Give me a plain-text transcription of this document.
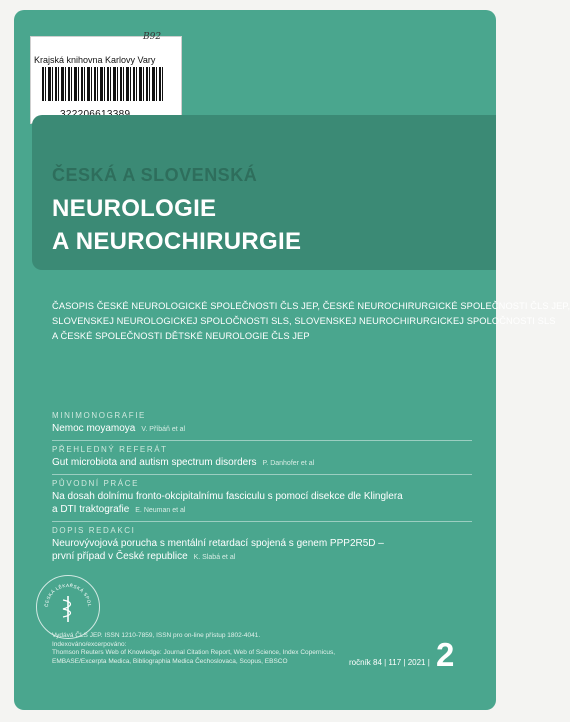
B92
Krajská knihovna Karlovy Vary
ČESKÁ A SLOVENSKÁ
NEUROLOGIE
A NEUROCHIRURGIE
ČASOPIS ČESKÉ NEUROLOGICKÉ SPOLEČNOSTI ČLS JEP, ČESKÉ NEUROCHIRURGICKÉ SPOLEČNOSTI ČLS JEP,
SLOVENSKEJ NEUROLOGICKEJ SPOLOČNOSTI SLS, SLOVENSKEJ NEUROCHIRURGICKEJ SPOLOČNOSTI SLS
A ČESKÉ SPOLEČNOSTI DĚTSKÉ NEUROLOGIE ČLS JEP
MINIMONOGRAFIE
Nemoc moyamoya V. Příbáň et al
PŘEHLEDNÝ REFERÁT
Gut microbiota and autism spectrum disorders P. Danhofer et al
PŮVODNÍ PRÁCE
Na dosah dolnímu fronto-okcipitalnímu fasciculu s pomocí disekce dle Klinglera
a DTI traktografie E. Neuman et al
DOPIS REDAKCI
Neurovývojová porucha s mentální retardací spojená s genem PPP2R5D –
první případ v České republice K. Slabá et al
ČESKÁ LÉKAŘSKÁ SPOL
Vydává ČLS JEP. ISSN 1210-7859, ISSN pro on-line přístup 1802-4041.
Indexováno/excerpováno:
Thomson Reuters Web of Knowledge: Journal Citation Report, Web of Science, Index Copernicus,
EMBASE/Excerpta Medica, Bibliographia Medica Čechoslovaca, Scopus, EBSCO	ročník 84 | 117 | 2021 | 2
